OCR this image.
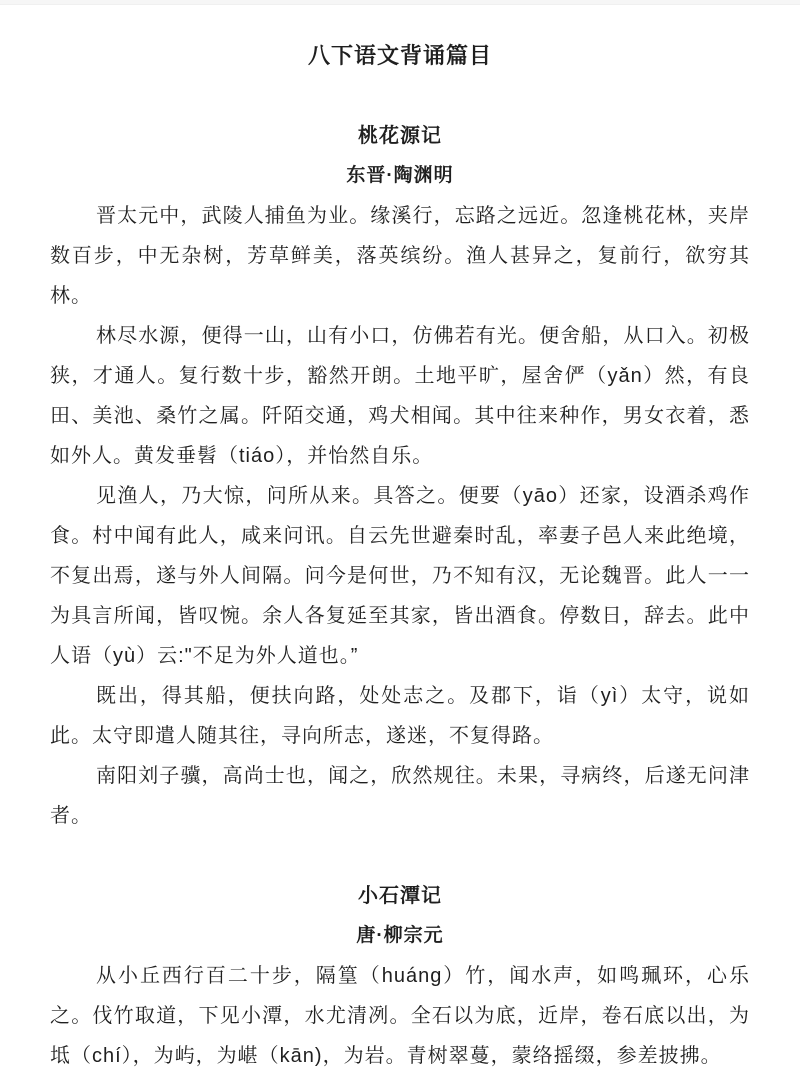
八下语文背诵篇目
桃花源记
东晋·陶渊明

晋太元中，武陵人捕鱼为业。缘溪行，忘路之远近。忽逢桃花林，夹岸数百步，中无杂树，芳草鲜美，落英缤纷。渔人甚异之，复前行，欲穷其林。

林尽水源，便得一山，山有小口，仿佛若有光。便舍船，从口入。初极狭，才通人。复行数十步，豁然开朗。土地平旷，屋舍俨（yǎn）然，有良田、美池、桑竹之属。阡陌交通，鸡犬相闻。其中往来种作，男女衣着，悉如外人。黄发垂髫（tiáo），并怡然自乐。

见渔人，乃大惊，问所从来。具答之。便要（yāo）还家，设酒杀鸡作食。村中闻有此人，咸来问讯。自云先世避秦时乱，率妻子邑人来此绝境，不复出焉，遂与外人间隔。问今是何世，乃不知有汉，无论魏晋。此人一一为具言所闻，皆叹惋。余人各复延至其家，皆出酒食。停数日，辞去。此中人语（yù）云:"不足为外人道也。”

既出，得其船，便扶向路，处处志之。及郡下，诣（yì）太守，说如此。太守即遣人随其往，寻向所志，遂迷，不复得路。

南阳刘子骥，高尚士也，闻之，欣然规往。未果，寻病终，后遂无问津者。

小石潭记
唐·柳宗元

从小丘西行百二十步，隔篁（huáng）竹，闻水声，如鸣珮环，心乐之。伐竹取道，下见小潭，水尤清冽。全石以为底，近岸，卷石底以出，为坻（chí），为屿，为嵁（kān)，为岩。青树翠蔓，蒙络摇缀，参差披拂。
